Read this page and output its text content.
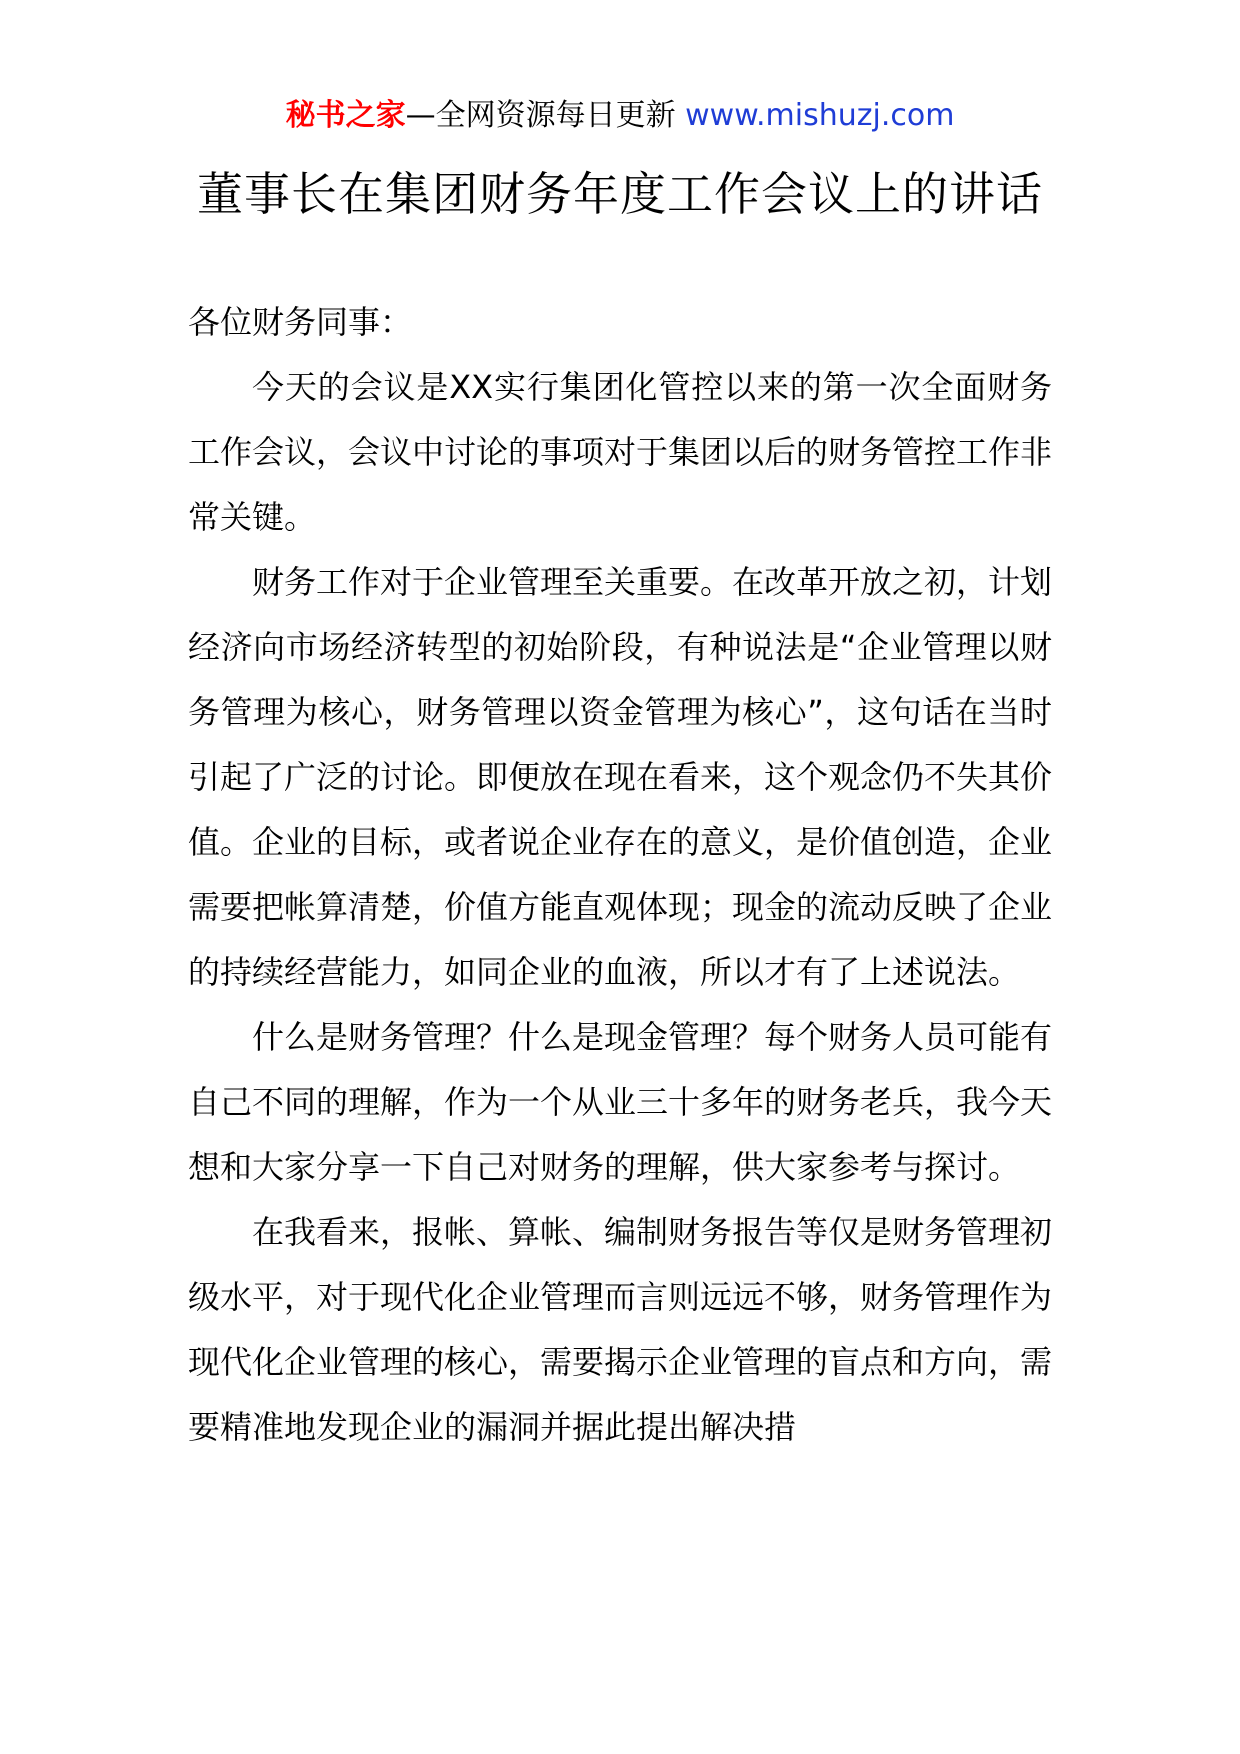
秘书之家—全网资源每日更新 www.mishuzj.com
董事长在集团财务年度工作会议上的讲话

各位财务同事：

今天的会议是XX实行集团化管控以来的第一次全面财务工作会议，会议中讨论的事项对于集团以后的财务管控工作非常关键。

财务工作对于企业管理至关重要。在改革开放之初，计划经济向市场经济转型的初始阶段，有种说法是“企业管理以财务管理为核心，财务管理以资金管理为核心”，这句话在当时引起了广泛的讨论。即便放在现在看来，这个观念仍不失其价值。企业的目标，或者说企业存在的意义，是价值创造，企业需要把帐算清楚，价值方能直观体现；现金的流动反映了企业的持续经营能力，如同企业的血液，所以才有了上述说法。

什么是财务管理？什么是现金管理？每个财务人员可能有自己不同的理解，作为一个从业三十多年的财务老兵，我今天想和大家分享一下自己对财务的理解，供大家参考与探讨。

在我看来，报帐、算帐、编制财务报告等仅是财务管理初级水平，对于现代化企业管理而言则远远不够，财务管理作为现代化企业管理的核心，需要揭示企业管理的盲点和方向，需要精准地发现企业的漏洞并据此提出解决措
